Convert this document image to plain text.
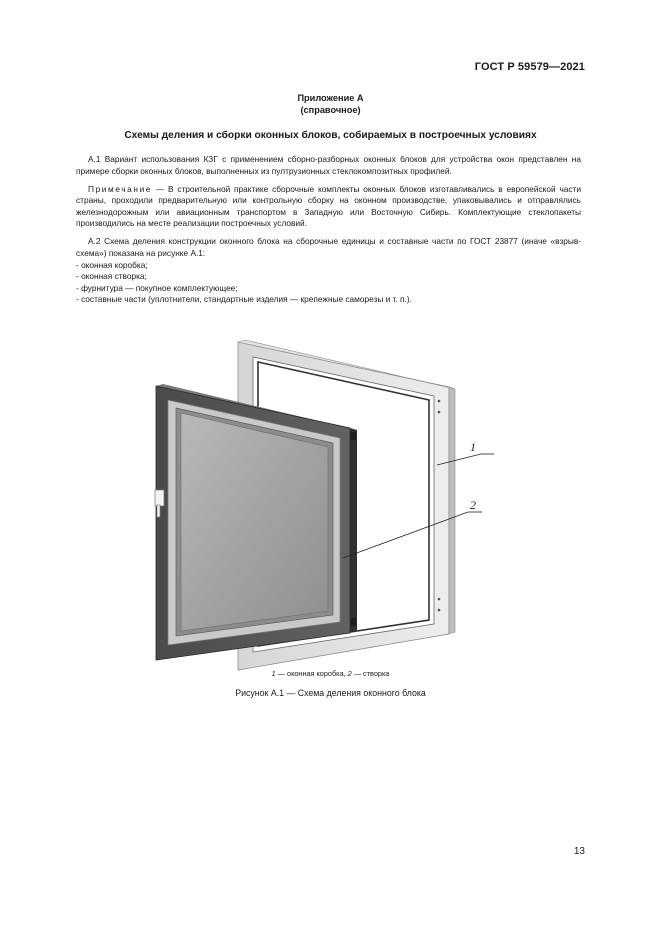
ГОСТ Р 59579—2021
Приложение А
(справочное)
Схемы деления и сборки оконных блоков, собираемых в построечных условиях

А.1 Вариант использования КЗГ с применением сборно-разборных оконных блоков для устройства окон представлен на примере сборки оконных блоков, выполненных из пултрузионных стеклокомпозитных профилей.

Примечание — В строительной практике сборочные комплекты оконных блоков изготавливались в европейской части страны, проходили предварительную или контрольную сборку на оконном производстве, упаковывались и отправлялись железнодорожным или авиационным транспортом в Западную или Восточную Сибирь. Комплектующие стеклопакеты производились на месте реализации построечных условий.

А.2 Схема деления конструкции оконного блока на сборочные единицы и составные части по ГОСТ 23877 (иначе «взрыв-схема») показана на рисунке А.1:

- оконная коробка;
- оконная створка;
- фурнитура — покупное комплектующее;
- составные части (уплотнители, стандартные изделия — крепежные саморезы и т. п.).
1
2
1 — оконная коробка, 2 — створка
Рисунок А.1 — Схема деления оконного блока
13
